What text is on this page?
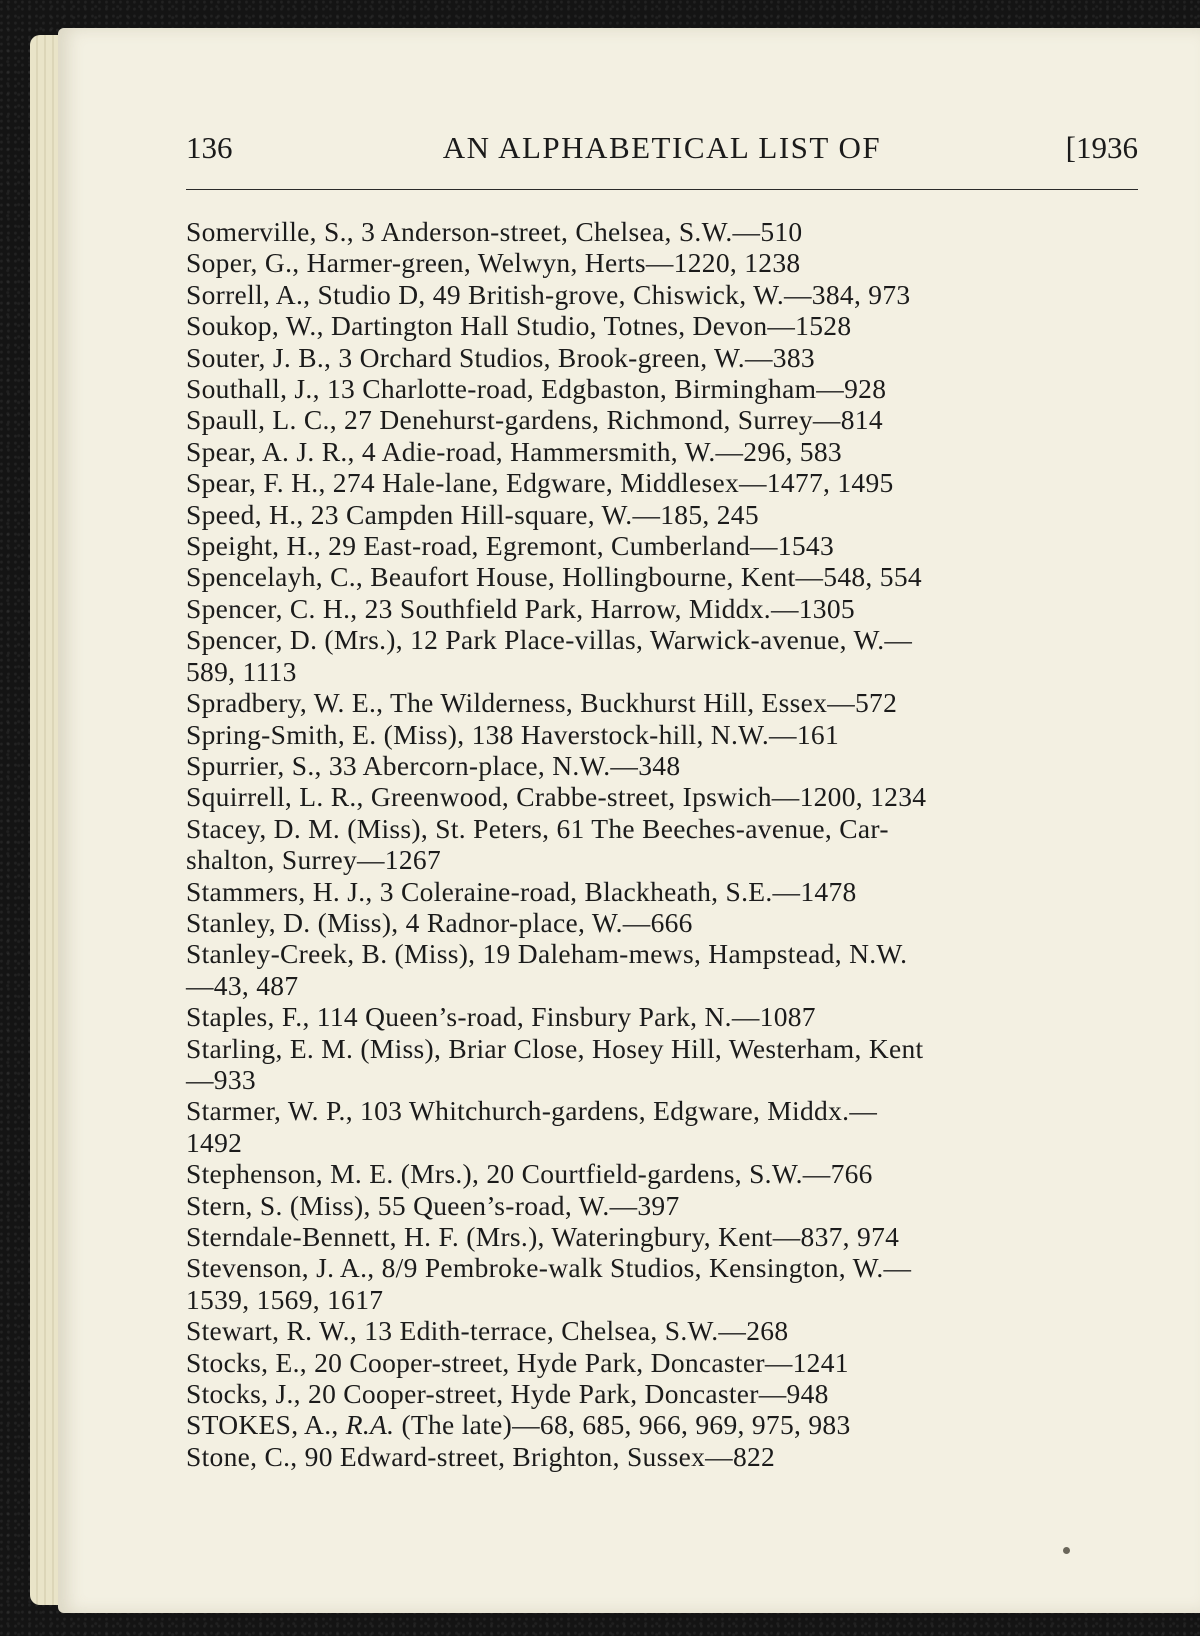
136	AN ALPHABETICAL LIST OF	[1936
Somerville, S., 3 Anderson-street, Chelsea, S.W.—510
Soper, G., Harmer-green, Welwyn, Herts—1220, 1238
Sorrell, A., Studio D, 49 British-grove, Chiswick, W.—384, 973
Soukop, W., Dartington Hall Studio, Totnes, Devon—1528
Souter, J. B., 3 Orchard Studios, Brook-green, W.—383
Southall, J., 13 Charlotte-road, Edgbaston, Birmingham—928
Spaull, L. C., 27 Denehurst-gardens, Richmond, Surrey—814
Spear, A. J. R., 4 Adie-road, Hammersmith, W.—296, 583
Spear, F. H., 274 Hale-lane, Edgware, Middlesex—1477, 1495
Speed, H., 23 Campden Hill-square, W.—185, 245
Speight, H., 29 East-road, Egremont, Cumberland—1543
Spencelayh, C., Beaufort House, Hollingbourne, Kent—548, 554
Spencer, C. H., 23 Southfield Park, Harrow, Middx.—1305
Spencer, D. (Mrs.), 12 Park Place-villas, Warwick-avenue, W.—
589, 1113
Spradbery, W. E., The Wilderness, Buckhurst Hill, Essex—572
Spring-Smith, E. (Miss), 138 Haverstock-hill, N.W.—161
Spurrier, S., 33 Abercorn-place, N.W.—348
Squirrell, L. R., Greenwood, Crabbe-street, Ipswich—1200, 1234
Stacey, D. M. (Miss), St. Peters, 61 The Beeches-avenue, Car-
shalton, Surrey—1267
Stammers, H. J., 3 Coleraine-road, Blackheath, S.E.—1478
Stanley, D. (Miss), 4 Radnor-place, W.—666
Stanley-Creek, B. (Miss), 19 Daleham-mews, Hampstead, N.W.
—43, 487
Staples, F., 114 Queen’s-road, Finsbury Park, N.—1087
Starling, E. M. (Miss), Briar Close, Hosey Hill, Westerham, Kent
—933
Starmer, W. P., 103 Whitchurch-gardens, Edgware, Middx.—
1492
Stephenson, M. E. (Mrs.), 20 Courtfield-gardens, S.W.—766
Stern, S. (Miss), 55 Queen’s-road, W.—397
Sterndale-Bennett, H. F. (Mrs.), Wateringbury, Kent—837, 974
Stevenson, J. A., 8/9 Pembroke-walk Studios, Kensington, W.—
1539, 1569, 1617
Stewart, R. W., 13 Edith-terrace, Chelsea, S.W.—268
Stocks, E., 20 Cooper-street, Hyde Park, Doncaster—1241
Stocks, J., 20 Cooper-street, Hyde Park, Doncaster—948
STOKES, A., R.A. (The late)—68, 685, 966, 969, 975, 983
Stone, C., 90 Edward-street, Brighton, Sussex—822
